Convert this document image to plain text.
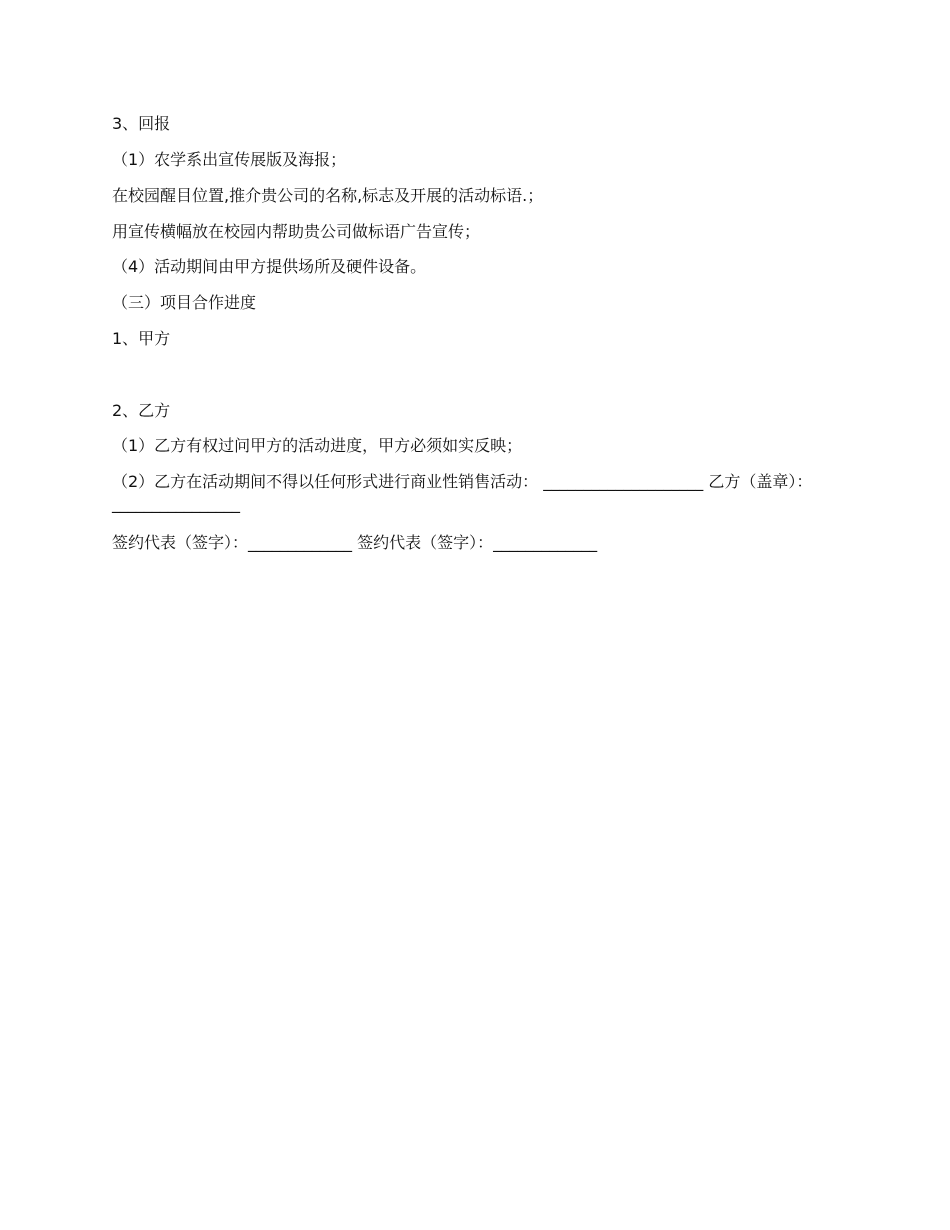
3、回报
（1）农学系出宣传展版及海报；
在校园醒目位置,推介贵公司的名称,标志及开展的活动标语.；
用宣传横幅放在校园内帮助贵公司做标语广告宣传；
（4）活动期间由甲方提供场所及硬件设备。
（三）项目合作进度
1、甲方
2、乙方
（1）乙方有权过问甲方的活动进度，甲方必须如实反映；
（2）乙方在活动期间不得以任何形式进行商业性销售活动： ____________________ 乙方（盖章）：________________
签约代表（签字）：_____________ 签约代表（签字）：_____________
